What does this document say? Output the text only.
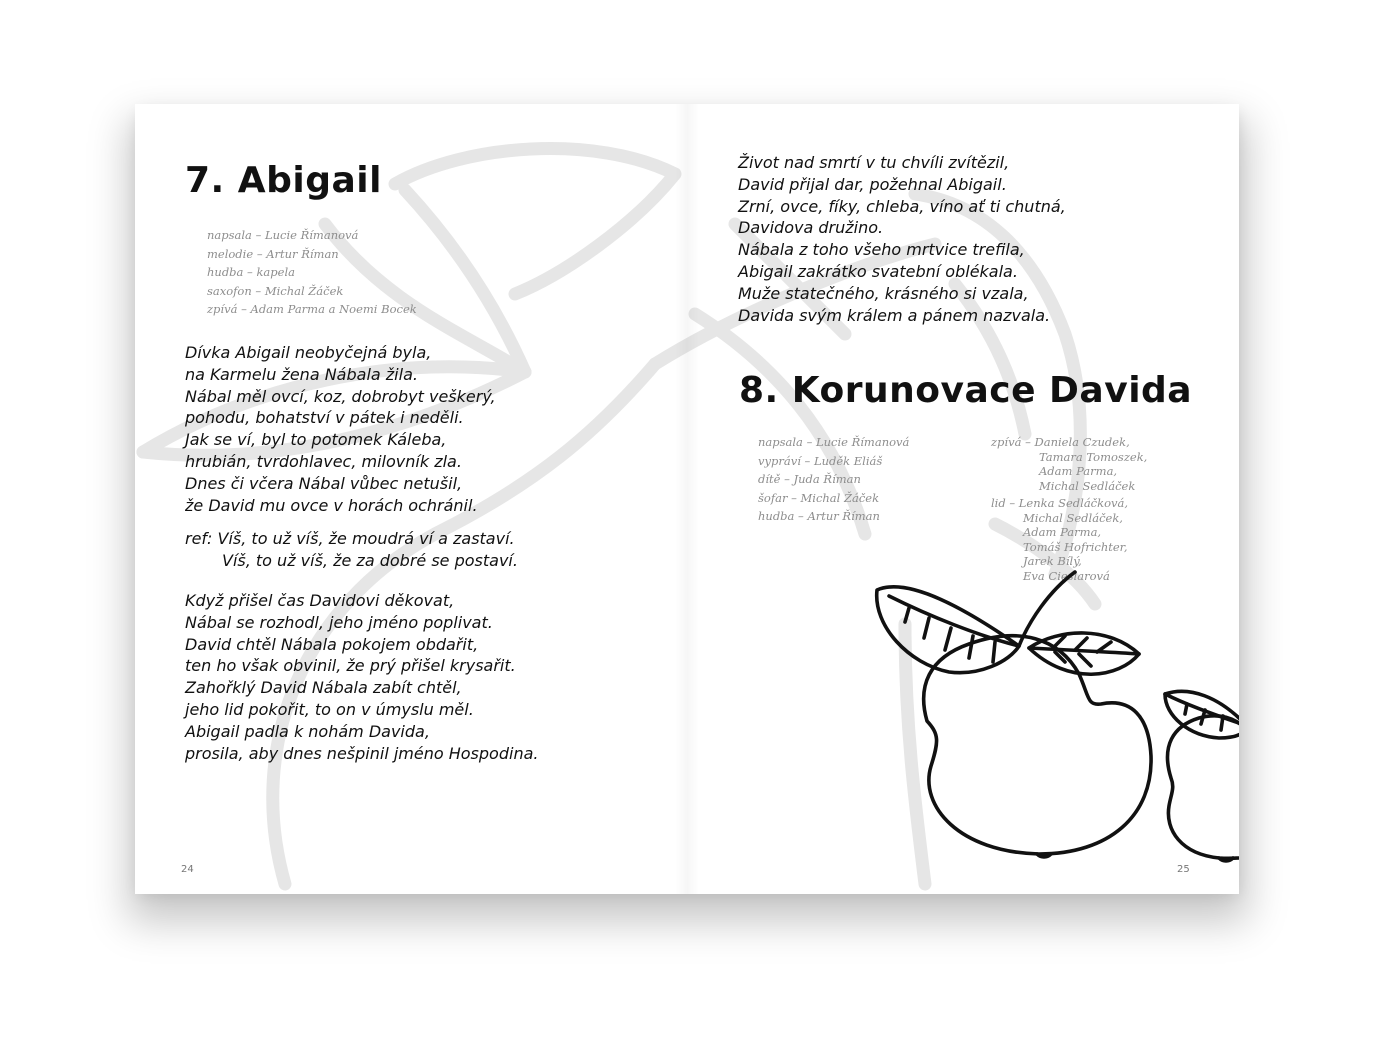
7. Abigail
napsala – Lucie Římanová
melodie – Artur Říman
hudba – kapela
saxofon – Michal Žáček
zpívá – Adam Parma a Noemi Bocek
Dívka Abigail neobyčejná byla,
na Karmelu žena Nábala žila.
Nábal měl ovcí, koz, dobrobyt veškerý,
pohodu, bohatství v pátek i neděli.
Jak se ví, byl to potomek Káleba,
hrubián, tvrdohlavec, milovník zla.
Dnes či včera Nábal vůbec netušil,
že David mu ovce v horách ochránil.
ref: Víš, to už víš, že moudrá ví a zastaví.
Víš, to už víš, že za dobré se postaví.
Když přišel čas Davidovi děkovat,
Nábal se rozhodl, jeho jméno poplivat.
David chtěl Nábala pokojem obdařit,
ten ho však obvinil, že prý přišel krysařit.
Zahořklý David Nábala zabít chtěl,
jeho lid pokořit, to on v úmyslu měl.
Abigail padla k nohám Davida,
prosila, aby dnes nešpinil jméno Hospodina.
24
Život nad smrtí v tu chvíli zvítězil,
David přijal dar, požehnal Abigail.
Zrní, ovce, fíky, chleba, víno ať ti chutná,
Davidova družino.
Nábala z toho všeho mrtvice trefila,
Abigail zakrátko svatební oblékala.
Muže statečného, krásného si vzala,
Davida svým králem a pánem nazvala.
8. Korunovace Davida
napsala – Lucie Římanová
vypráví – Luděk Eliáš
dítě – Juda Říman
šofar – Michal Žáček
hudba – Artur Říman
zpívá – Daniela Czudek,
Tamara Tomoszek,
Adam Parma,
Michal Sedláček
lid – Lenka Sedláčková,
Michal Sedláček,
Adam Parma,
Tomáš Hofrichter,
Jarek Bílý,
Eva Cieslarová
25
